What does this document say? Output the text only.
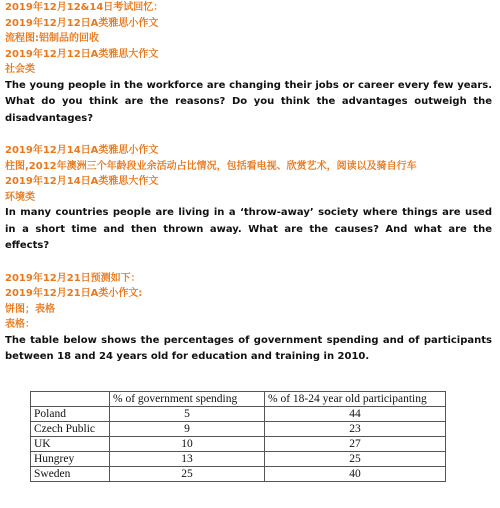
2019年12月12&14日考试回忆：
2019年12月12日A类雅思小作文
流程图:铝制品的回收
2019年12月12日A类雅思大作文
社会类
The young people in the workforce are changing their jobs or career every few years. What do you think are the reasons? Do you think the advantages outweigh the disadvantages?
2019年12月14日A类雅思小作文
柱图,2012年澳洲三个年龄段业余活动占比情况，包括看电视、欣赏艺术，阅读以及骑自行车
2019年12月14日A类雅思大作文
环境类
In many countries people are living in a ‘throw-away’ society where things are used in a short time and then thrown away. What are the causes? And what are the effects?
2019年12月21日预测如下：
2019年12月21日A类小作文:
饼图；表格
表格：
The table below shows the percentages of government spending and of participants between 18 and 24 years old for education and training in 2010.
	% of government spending	% of 18-24 year old participanting
Poland	5	44
Czech Public	9	23
UK	10	27
Hungrey	13	25
Sweden	25	40
